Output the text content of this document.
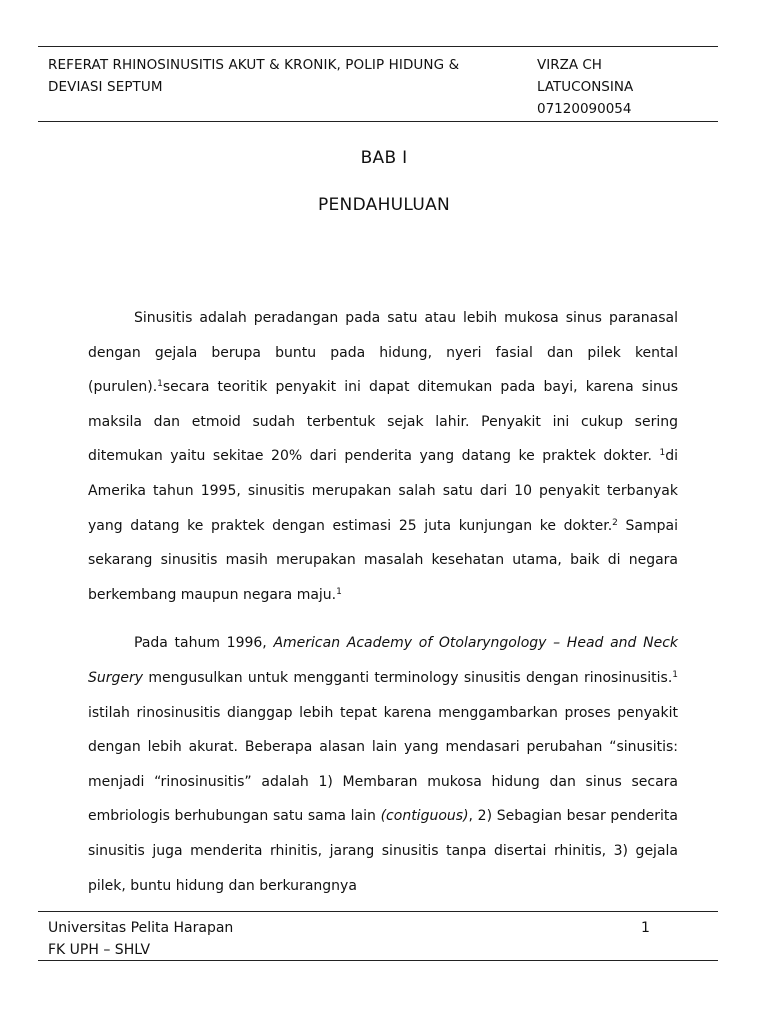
REFERAT RHINOSINUSITIS AKUT & KRONIK, POLIP HIDUNG &
DEVIASI SEPTUM
VIRZA CH
LATUCONSINA
07120090054
BAB I
PENDAHULUAN

Sinusitis adalah peradangan pada satu atau lebih mukosa sinus paranasal dengan gejala berupa buntu pada hidung, nyeri fasial dan pilek kental (purulen).$^1$secara teoritik penyakit ini dapat ditemukan pada bayi, karena sinus maksila dan etmoid sudah terbentuk sejak lahir. Penyakit ini cukup sering ditemukan yaitu sekitae 20% dari penderita yang datang ke praktek dokter. $^1$di Amerika tahun 1995, sinusitis merupakan salah satu dari 10 penyakit terbanyak yang datang ke praktek dengan estimasi 25 juta kunjungan ke dokter.$^2$ Sampai sekarang sinusitis masih merupakan masalah kesehatan utama, baik di negara berkembang maupun negara maju.$^1$

Pada tahum 1996, American Academy of Otolaryngology – Head and Neck Surgery mengusulkan untuk mengganti terminology sinusitis dengan rinosinusitis.$^1$ istilah rinosinusitis dianggap lebih tepat karena menggambarkan proses penyakit dengan lebih akurat. Beberapa alasan lain yang mendasari perubahan “sinusitis: menjadi “rinosinusitis” adalah 1) Membaran mukosa hidung dan sinus secara embriologis berhubungan satu sama lain (contiguous), 2) Sebagian besar penderita sinusitis juga menderita rhinitis, jarang sinusitis tanpa disertai rhinitis, 3) gejala pilek, buntu hidung dan berkurangnya

Universitas Pelita Harapan
FK UPH – SHLV
1
